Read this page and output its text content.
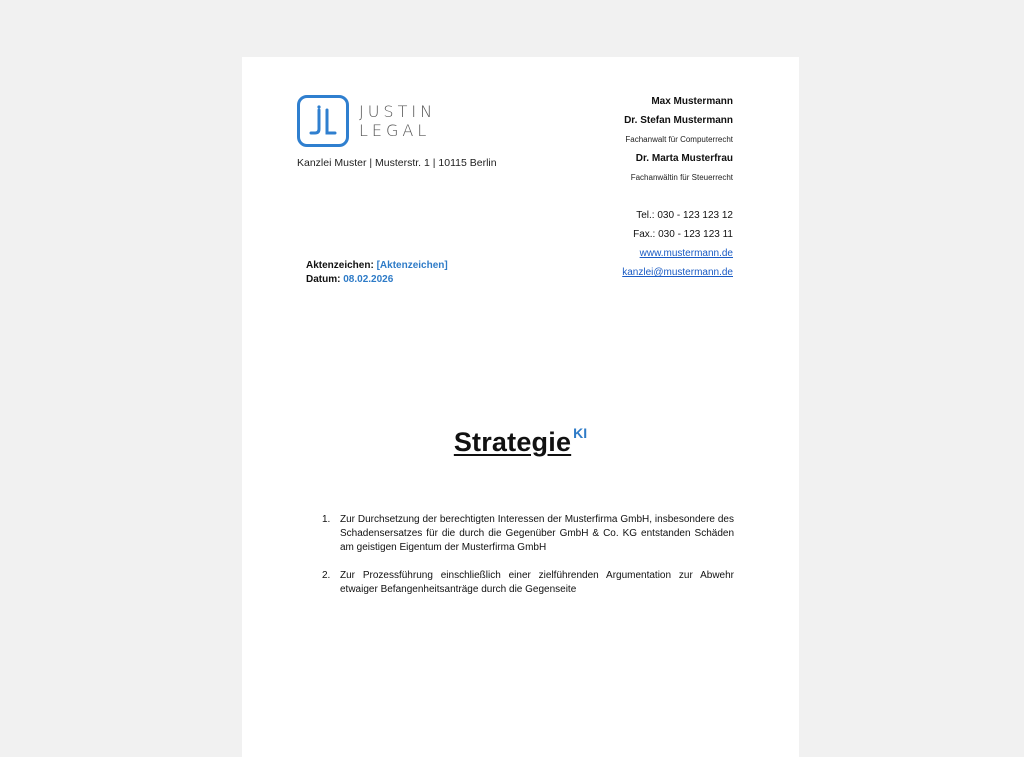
JUSTIN
LEGAL
Kanzlei Muster | Musterstr. 1 | 10115 Berlin
Max Mustermann
Dr. Stefan Mustermann
Fachanwalt für Computerrecht
Dr. Marta Musterfrau
Fachanwältin für Steuerrecht
Tel.: 030 - 123 123 12
Fax.: 030 - 123 123 11
www.mustermann.de
kanzlei@mustermann.de
Aktenzeichen: [Aktenzeichen]
Datum: 08.02.2026
Strategie KI
1. Zur Durchsetzung der berechtigten Interessen der Musterfirma GmbH, insbesondere des Schadensersatzes für die durch die Gegenüber GmbH & Co. KG entstanden Schäden am geistigen Eigentum der Musterfirma GmbH
2. Zur Prozessführung einschließlich einer zielführenden Argumentation zur Abwehr etwaiger Befangenheitsanträge durch die Gegenseite
